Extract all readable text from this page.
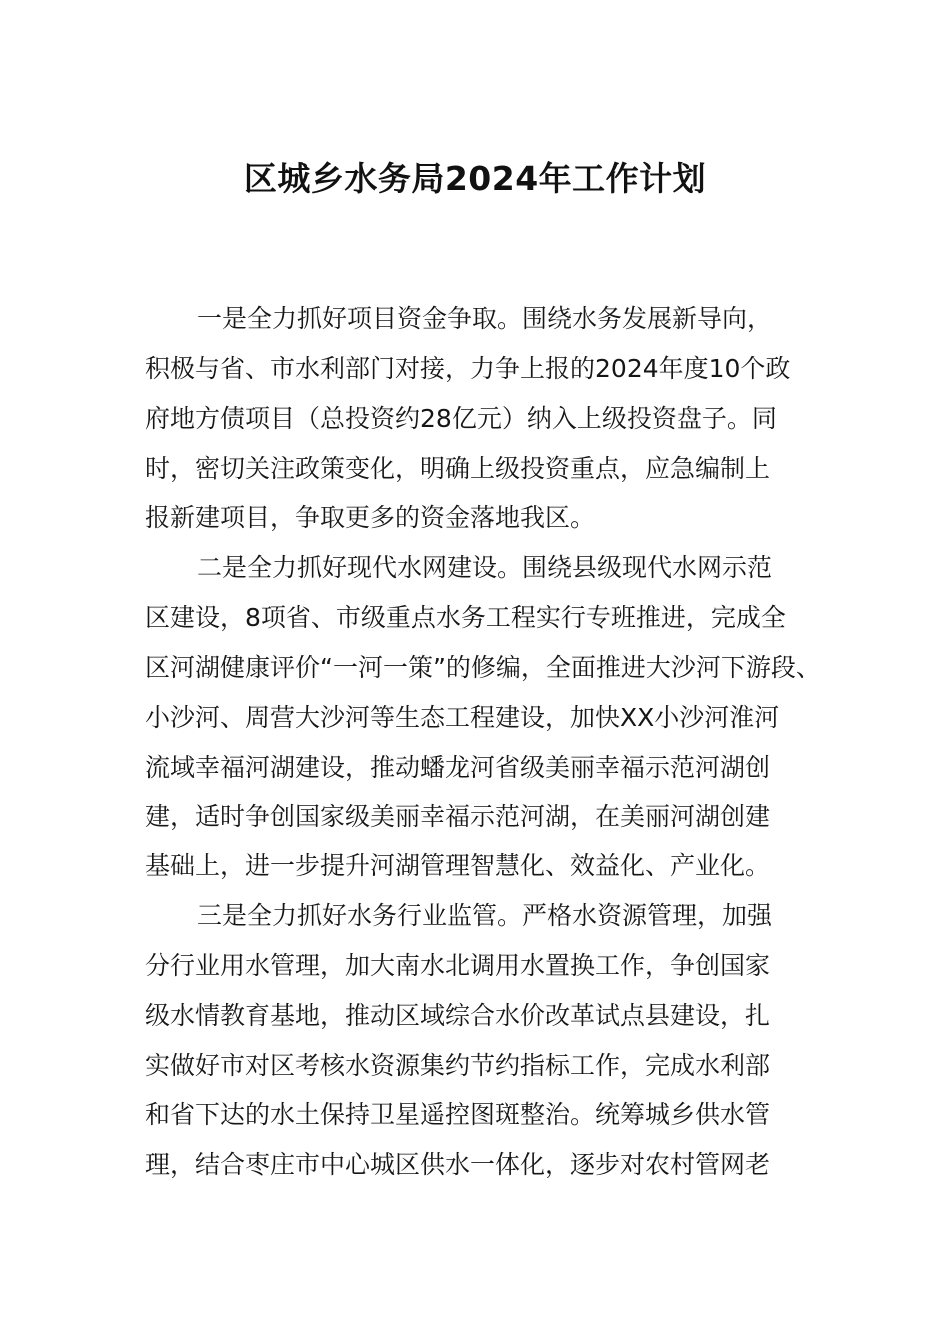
区城乡水务局2024年工作计划
一是全力抓好项目资金争取。围绕水务发展新导向，
积极与省、市水利部门对接，力争上报的2024年度10个政
府地方债项目（总投资约28亿元）纳入上级投资盘子。同
时，密切关注政策变化，明确上级投资重点，应急编制上
报新建项目，争取更多的资金落地我区。
二是全力抓好现代水网建设。围绕县级现代水网示范
区建设，8项省、市级重点水务工程实行专班推进，完成全
区河湖健康评价“一河一策”的修编，全面推进大沙河下游段、
小沙河、周营大沙河等生态工程建设，加快XX小沙河淮河
流域幸福河湖建设，推动蟠龙河省级美丽幸福示范河湖创
建，适时争创国家级美丽幸福示范河湖，在美丽河湖创建
基础上，进一步提升河湖管理智慧化、效益化、产业化。
三是全力抓好水务行业监管。严格水资源管理，加强
分行业用水管理，加大南水北调用水置换工作，争创国家
级水情教育基地，推动区域综合水价改革试点县建设，扎
实做好市对区考核水资源集约节约指标工作，完成水利部
和省下达的水土保持卫星遥控图斑整治。统筹城乡供水管
理，结合枣庄市中心城区供水一体化，逐步对农村管网老
